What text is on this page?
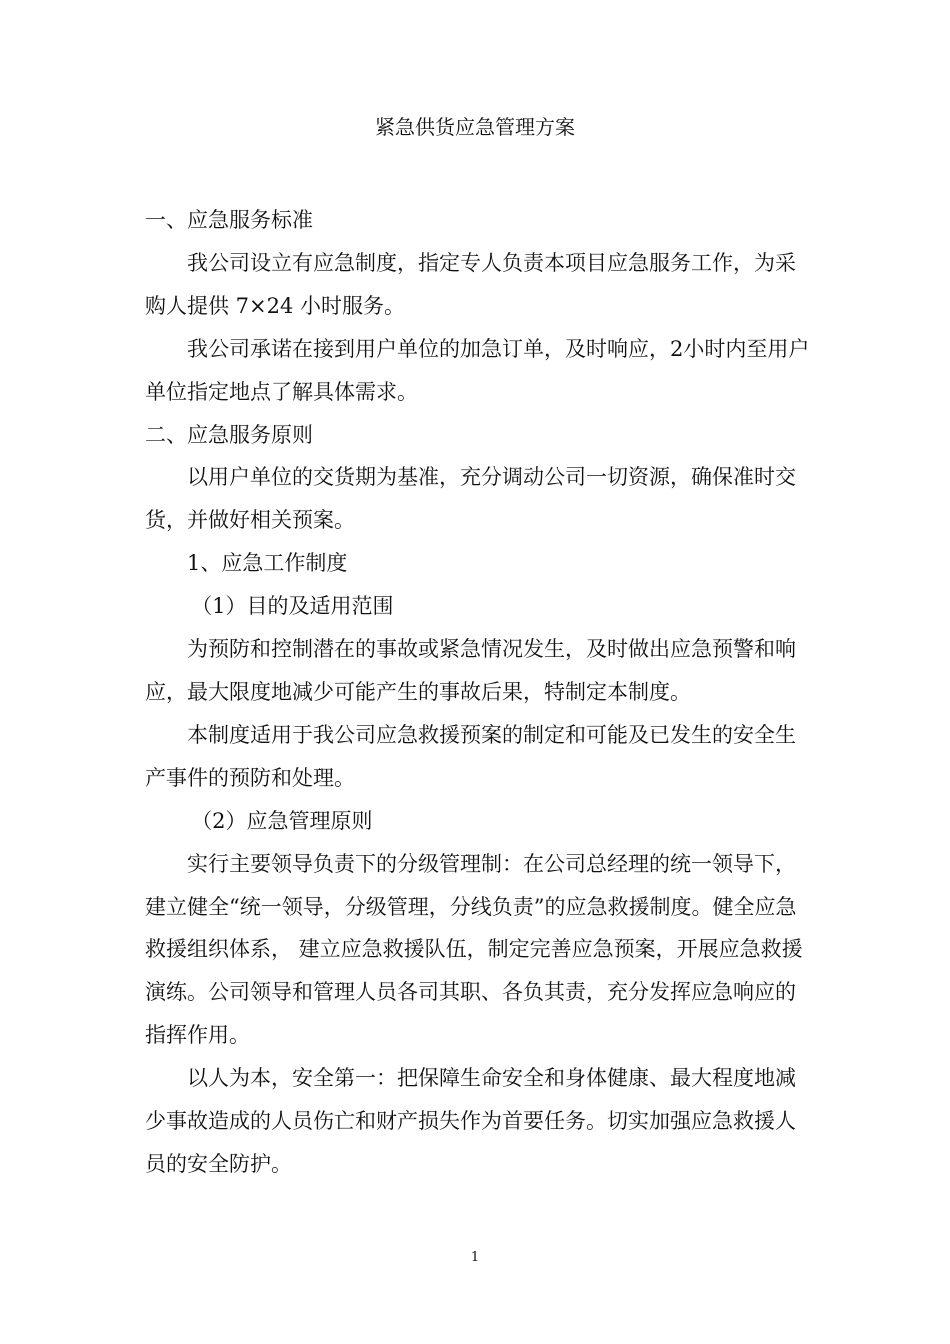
紧急供货应急管理方案

一、应急服务标准

我公司设立有应急制度，指定专人负责本项目应急服务工作，为采购人提供 7×24 小时服务。

我公司承诺在接到用户单位的加急订单，及时响应，2小时内至用户单位指定地点了解具体需求。

二、应急服务原则

以用户单位的交货期为基准，充分调动公司一切资源，确保准时交货，并做好相关预案。

1、应急工作制度

（1）目的及适用范围

为预防和控制潜在的事故或紧急情况发生，及时做出应急预警和响应，最大限度地减少可能产生的事故后果，特制定本制度。

本制度适用于我公司应急救援预案的制定和可能及已发生的安全生产事件的预防和处理。

（2）应急管理原则

实行主要领导负责下的分级管理制：在公司总经理的统一领导下，建立健全“统一领导，分级管理，分线负责”的应急救援制度。健全应急救援组织体系， 建立应急救援队伍，制定完善应急预案，开展应急救援演练。公司领导和管理人员各司其职、各负其责，充分发挥应急响应的指挥作用。

以人为本，安全第一：把保障生命安全和身体健康、最大程度地减少事故造成的人员伤亡和财产损失作为首要任务。切实加强应急救援人员的安全防护。

1
